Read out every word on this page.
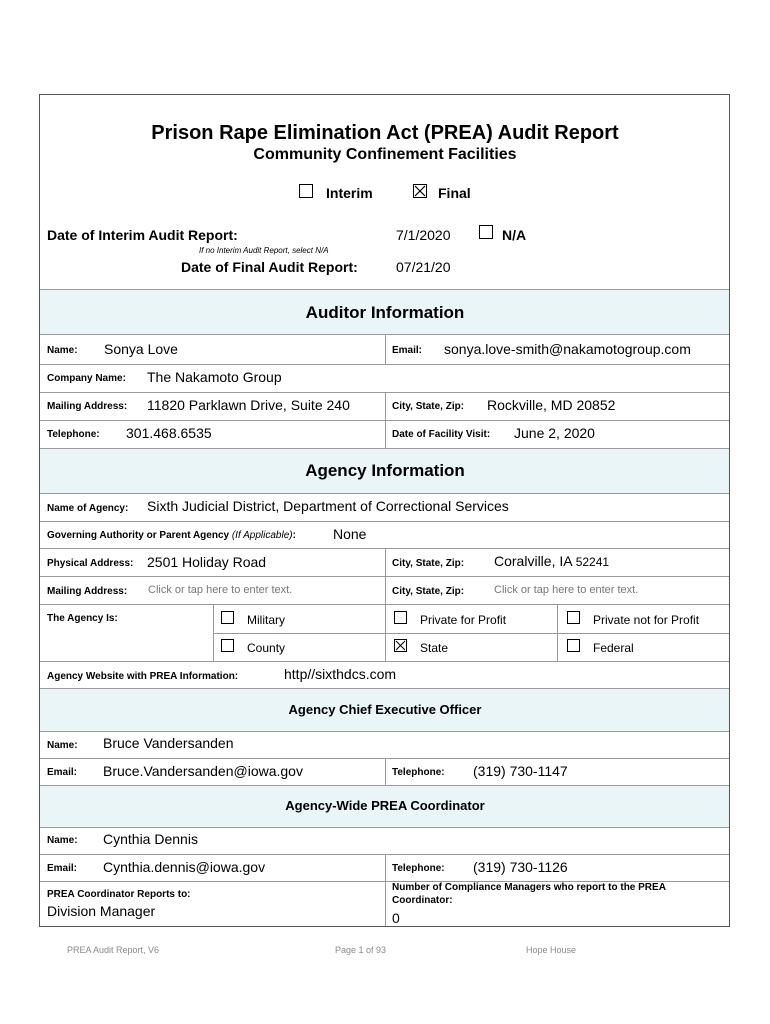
Prison Rape Elimination Act (PREA) Audit Report
Community Confinement Facilities
Interim	Final
Date of Interim Audit Report:	7/1/2020	N/A
If no Interim Audit Report, select N/A
Date of Final Audit Report:	07/21/20
Auditor Information
Name: Sonya Love	Email: sonya.love-smith@nakamotogroup.com
Company Name: The Nakamoto Group
Mailing Address: 11820 Parklawn Drive, Suite 240	City, State, Zip: Rockville, MD 20852
Telephone: 301.468.6535	Date of Facility Visit: June 2, 2020
Agency Information
Name of Agency: Sixth Judicial District, Department of Correctional Services
Governing Authority or Parent Agency (If Applicable):	None
Physical Address: 2501 Holiday Road	City, State, Zip: Coralville, IA 52241
Mailing Address: Click or tap here to enter text.	City, State, Zip:	Click or tap here to enter text.
The Agency Is:	Military	Private for Profit	Private not for Profit
County	State	Federal
Agency Website with PREA Information:	http//sixthdcs.com
Agency Chief Executive Officer
Name: Bruce Vandersanden
Email: Bruce.Vandersanden@iowa.gov	Telephone: (319) 730-1147
Agency-Wide PREA Coordinator
Name: Cynthia Dennis
Email: Cynthia.dennis@iowa.gov	Telephone: (319) 730-1126
PREA Coordinator Reports to:
Division Manager
Number of Compliance Managers who report to the PREA
Coordinator:
0
PREA Audit Report, V6	Page 1 of 93	Hope House
